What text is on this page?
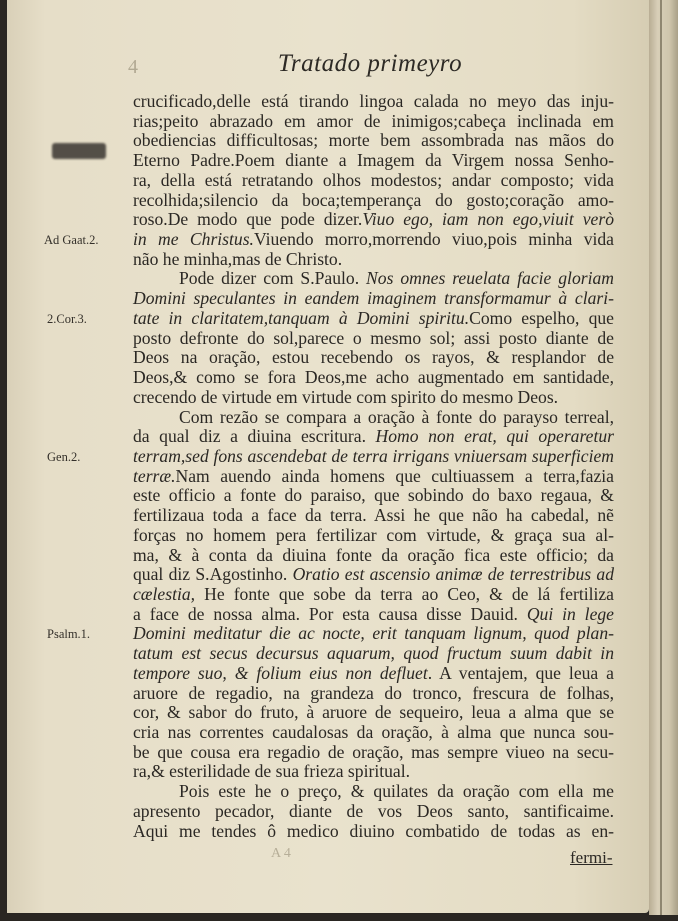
4	Tratado primeyro
Ad Gaat.2.
2.Cor.3.
Gen.2.
Psalm.1.
crucificado,delle está tirando lingoa calada no meyo das inju-
rias;peito abrazado em amor de inimigos;cabeça inclinada em
obediencias difficultosas; morte bem assombrada nas mãos do
Eterno Padre.Poem diante a Imagem da Virgem nossa Senho-
ra, della está retratando olhos modestos; andar composto; vida
recolhida;silencio da boca;temperança do gosto;coração amo-
roso.De modo que pode dizer.Viuo ego, iam non ego,viuit verò
in me Christus.Viuendo morro,morrendo viuo,pois minha vida
não he minha,mas de Christo.
Pode dizer com S.Paulo. Nos omnes reuelata facie gloriam
Domini speculantes in eandem imaginem transformamur à clari-
tate in claritatem,tanquam à Domini spiritu.Como espelho, que
posto defronte do sol,parece o mesmo sol; assi posto diante de
Deos na oração, estou recebendo os rayos, & resplandor de
Deos,& como se fora Deos,me acho augmentado em santidade,
crecendo de virtude em virtude com spirito do mesmo Deos.
Com rezão se compara a oração à fonte do parayso terreal,
da qual diz a diuina escritura. Homo non erat, qui operaretur
terram,sed fons ascendebat de terra irrigans vniuersam superficiem
terræ.Nam auendo ainda homens que cultiuassem a terra,fazia
este officio a fonte do paraiso, que sobindo do baxo regaua, &
fertilizaua toda a face da terra. Assi he que não ha cabedal, nẽ
forças no homem pera fertilizar com virtude, & graça sua al-
ma, & à conta da diuina fonte da oração fica este officio; da
qual diz S.Agostinho. Oratio est ascensio animæ de terrestribus ad
cælestia, He fonte que sobe da terra ao Ceo, & de lá fertiliza
a face de nossa alma. Por esta causa disse Dauid. Qui in lege
Domini meditatur die ac nocte, erit tanquam lignum, quod plan-
tatum est secus decursus aquarum, quod fructum suum dabit in
tempore suo, & folium eius non defluet. A ventajem, que leua a
aruore de regadio, na grandeza do tronco, frescura de folhas,
cor, & sabor do fruto, à aruore de sequeiro, leua a alma que se
cria nas correntes caudalosas da oração, à alma que nunca sou-
be que cousa era regadio de oração, mas sempre viueo na secu-
ra,& esterilidade de sua frieza spiritual.
Pois este he o preço, & quilates da oração com ella me
apresento pecador, diante de vos Deos santo, santificaime.
Aqui me tendes ô medico diuino combatido de todas as en-
A 4	fermi-
